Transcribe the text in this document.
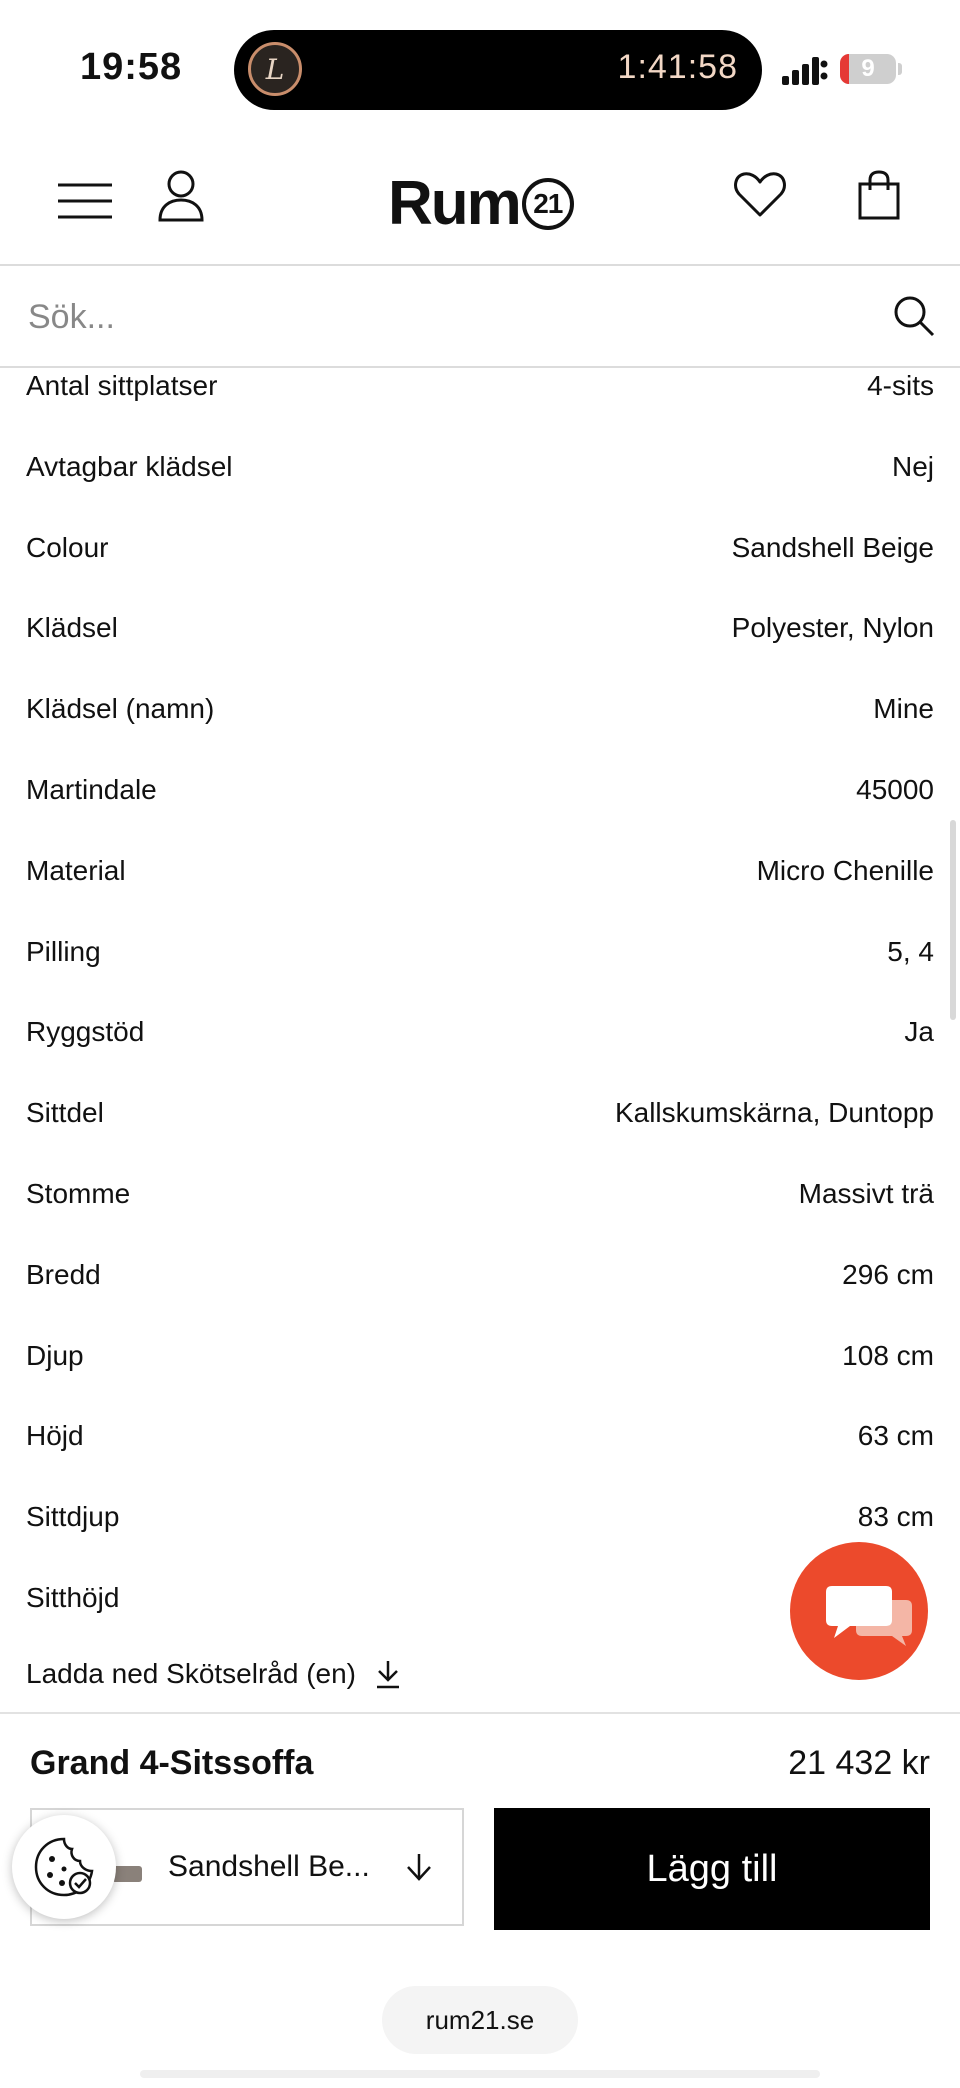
19:58	L	1:41:58	9
Rum 21
Sök...
Antal sittplatser	4-sits
Avtagbar klädsel	Nej
Colour	Sandshell Beige
Klädsel	Polyester, Nylon
Klädsel (namn)	Mine
Martindale	45000
Material	Micro Chenille
Pilling	5, 4
Ryggstöd	Ja
Sittdel	Kallskumskärna, Duntopp
Stomme	Massivt trä
Bredd	296 cm
Djup	108 cm
Höjd	63 cm
Sittdjup	83 cm
Sitthöjd
Ladda ned Skötselråd (en)
Grand 4-Sitssoffa	21 432 kr
Sandshell Be...	Lägg till
rum21.se
